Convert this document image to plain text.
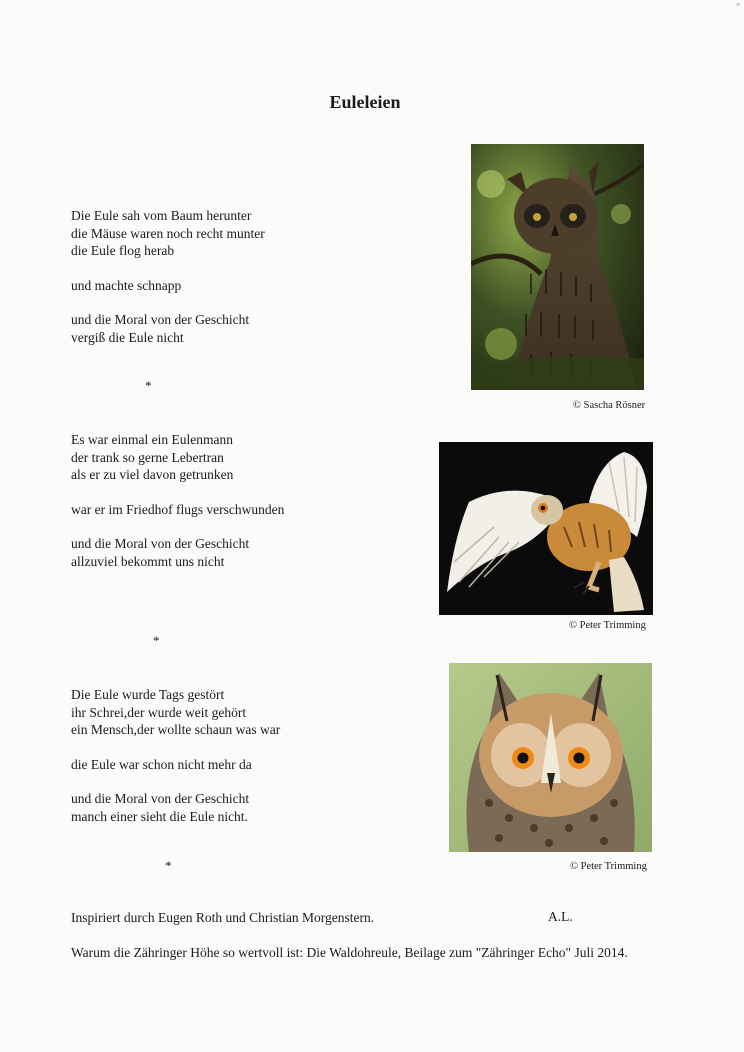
"
Euleleien
Die Eule sah vom Baum herunter
die Mäuse waren noch recht munter
die Eule flog herab
und machte schnapp
und die Moral von der Geschicht
vergiß die Eule nicht
*
© Sascha Rösner
Es war einmal ein Eulenmann
der trank so gerne Lebertran
als er zu viel davon getrunken
war er im Friedhof flugs verschwunden
und die Moral von der Geschicht
allzuviel bekommt uns nicht
*
© Peter Trimming
Die Eule wurde Tags gestört
ihr Schrei,der wurde weit gehört
ein Mensch,der wollte schaun was war
die Eule war schon nicht mehr da
und die Moral von der Geschicht
manch einer sieht die Eule nicht.
*	© Peter Trimming
Inspiriert durch Eugen Roth und Christian Morgenstern.	A.L.
Warum die Zähringer Höhe so wertvoll ist: Die Waldohreule, Beilage zum "Zähringer Echo" Juli 2014.
